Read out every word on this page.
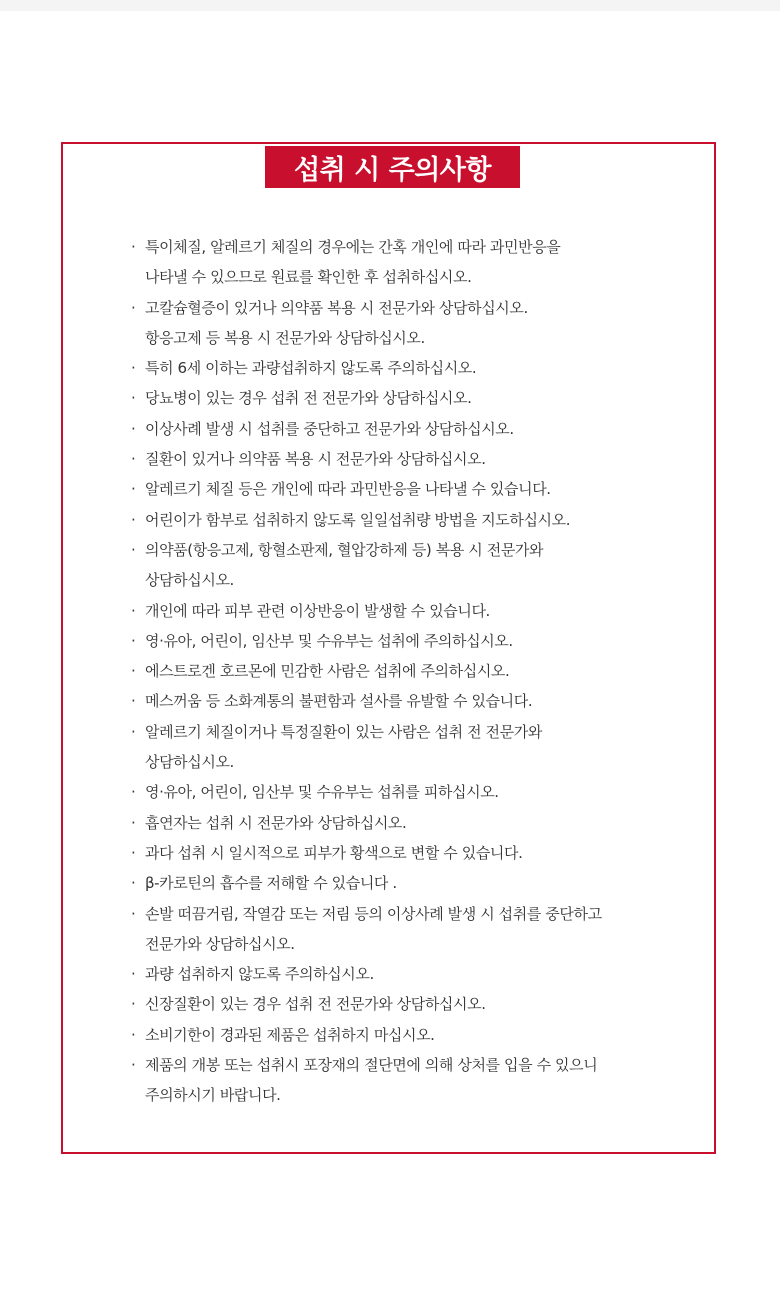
섭취 시 주의사항
· 특이체질, 알레르기 체질의 경우에는 간혹 개인에 따라 과민반응을
나타낼 수 있으므로 원료를 확인한 후 섭취하십시오.
· 고칼슘혈증이 있거나 의약품 복용 시 전문가와 상담하십시오.
항응고제 등 복용 시 전문가와 상담하십시오.
· 특히 6세 이하는 과량섭취하지 않도록 주의하십시오.
· 당뇨병이 있는 경우 섭취 전 전문가와 상담하십시오.
· 이상사례 발생 시 섭취를 중단하고 전문가와 상담하십시오.
· 질환이 있거나 의약품 복용 시 전문가와 상담하십시오.
· 알레르기 체질 등은 개인에 따라 과민반응을 나타낼 수 있습니다.
· 어린이가 함부로 섭취하지 않도록 일일섭취량 방법을 지도하십시오.
· 의약품(항응고제, 항혈소판제, 혈압강하제 등) 복용 시 전문가와
상담하십시오.
· 개인에 따라 피부 관련 이상반응이 발생할 수 있습니다.
· 영·유아, 어린이, 임산부 및 수유부는 섭취에 주의하십시오.
· 에스트로겐 호르몬에 민감한 사람은 섭취에 주의하십시오.
· 메스꺼움 등 소화계통의 불편함과 설사를 유발할 수 있습니다.
· 알레르기 체질이거나 특정질환이 있는 사람은 섭취 전 전문가와
상담하십시오.
· 영·유아, 어린이, 임산부 및 수유부는 섭취를 피하십시오.
· 흡연자는 섭취 시 전문가와 상담하십시오.
· 과다 섭취 시 일시적으로 피부가 황색으로 변할 수 있습니다.
· β-카로틴의 흡수를 저해할 수 있습니다 .
· 손발 떠끔거림, 작열감 또는 저림 등의 이상사례 발생 시 섭취를 중단하고
전문가와 상담하십시오.
· 과량 섭취하지 않도록 주의하십시오.
· 신장질환이 있는 경우 섭취 전 전문가와 상담하십시오.
· 소비기한이 경과된 제품은 섭취하지 마십시오.
· 제품의 개봉 또는 섭취시 포장재의 절단면에 의해 상처를 입을 수 있으니
주의하시기 바랍니다.
